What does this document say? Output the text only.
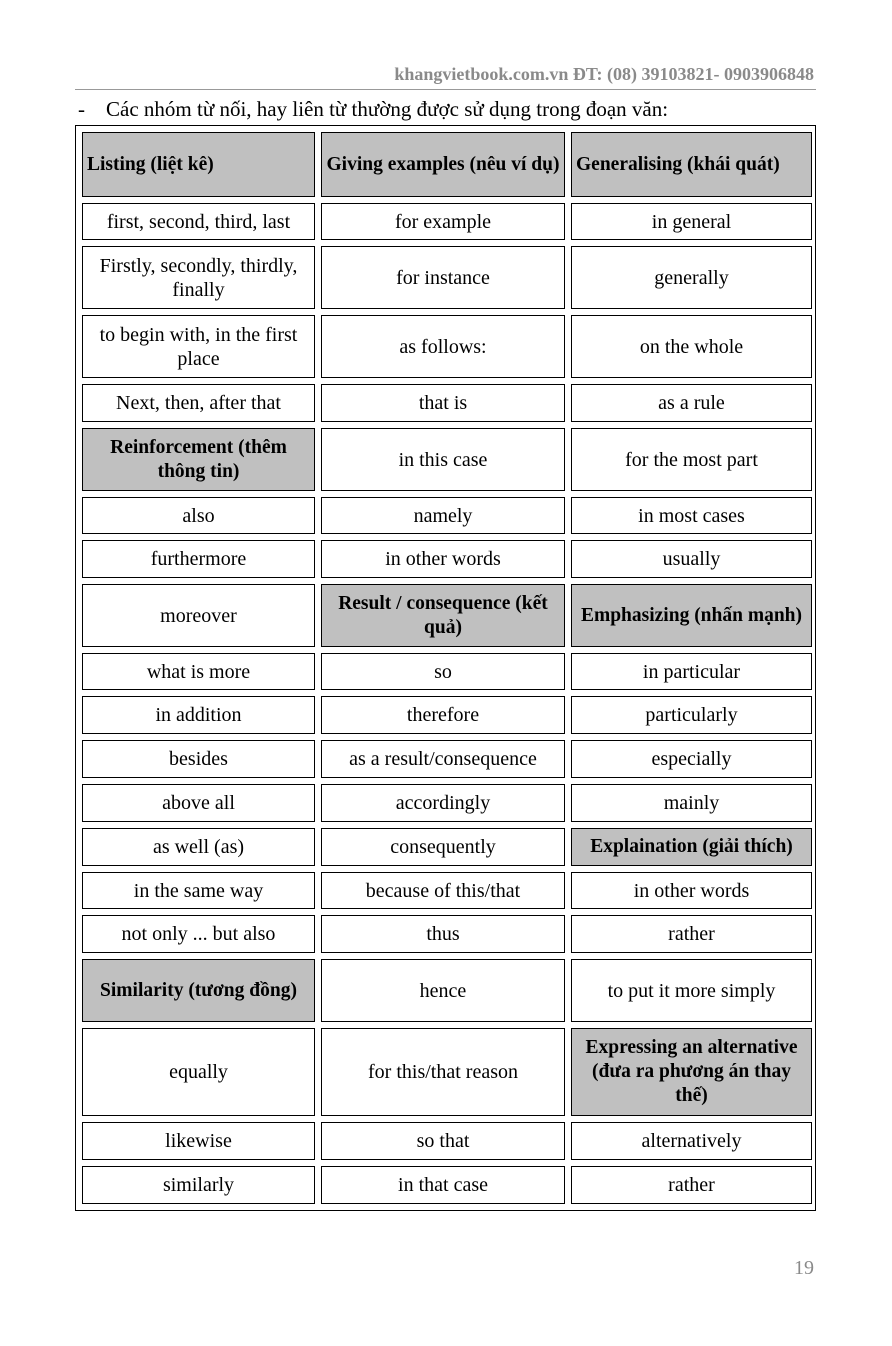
khangvietbook.com.vn ĐT: (08) 39103821- 0903906848
- Các nhóm từ nối, hay liên từ thường được sử dụng trong đoạn văn:
Listing (liệt kê)	Giving examples (nêu ví dụ)	Generalising (khái quát)
first, second, third, last	for example	in general
Firstly, secondly, thirdly, finally	for instance	generally
to begin with, in the first place	as follows:	on the whole
Next, then, after that	that is	as a rule
Reinforcement (thêm thông tin)	in this case	for the most part
also	namely	in most cases
furthermore	in other words	usually
moreover	Result / consequence (kết quả)	Emphasizing (nhấn mạnh)
what is more	so	in particular
in addition	therefore	particularly
besides	as a result/consequence	especially
above all	accordingly	mainly
as well (as)	consequently	Explaination (giải thích)
in the same way	because of this/that	in other words
not only ... but also	thus	rather
Similarity (tương đồng)	hence	to put it more simply
equally	for this/that reason	Expressing an alternative (đưa ra phương án thay thế)
likewise	so that	alternatively
similarly	in that case	rather
19
